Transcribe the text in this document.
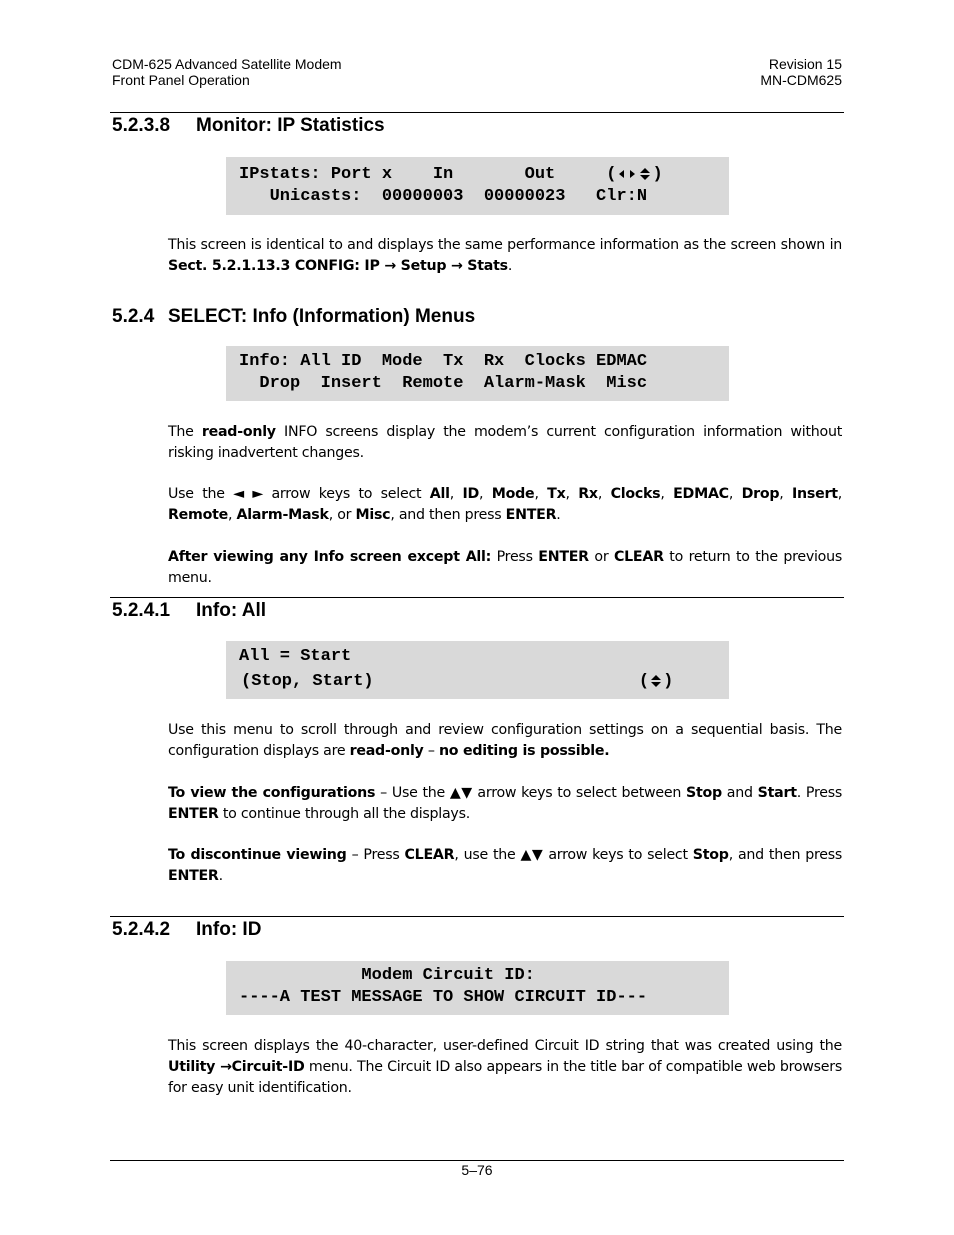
CDM-625 Advanced Satellite Modem
Front Panel Operation
Revision 15
MN-CDM625
5.2.3.8 Monitor: IP Statistics
IPstats: Port x    In       Out     ( )
Unicasts:  00000003  00000023   Clr:N
This screen is identical to and displays the same performance information as the screen shown in Sect. 5.2.1.13.3 CONFIG: IP → Setup → Stats.
5.2.4 SELECT: Info (Information) Menus
Info: All ID  Mode  Tx  Rx  Clocks EDMAC
Drop  Insert  Remote  Alarm-Mask  Misc
The read-only INFO screens display the modem’s current configuration information without risking inadvertent changes.
Use the ◄ ► arrow keys to select All, ID, Mode, Tx, Rx, Clocks, EDMAC, Drop, Insert, Remote, Alarm-Mask, or Misc, and then press ENTER.
After viewing any Info screen except All: Press ENTER or CLEAR to return to the previous menu.
5.2.4.1 Info: All
All = Start
(Stop, Start)                          ( )
Use this menu to scroll through and review configuration settings on a sequential basis. The configuration displays are read-only – no editing is possible.
To view the configurations – Use the ▲▼ arrow keys to select between Stop and Start. Press ENTER to continue through all the displays.
To discontinue viewing – Press CLEAR, use the ▲▼ arrow keys to select Stop, and then press ENTER.
5.2.4.2 Info: ID
Modem Circuit ID:
----A TEST MESSAGE TO SHOW CIRCUIT ID---
This screen displays the 40-character, user-defined Circuit ID string that was created using the Utility →Circuit-ID menu. The Circuit ID also appears in the title bar of compatible web browsers for easy unit identification.
5–76
